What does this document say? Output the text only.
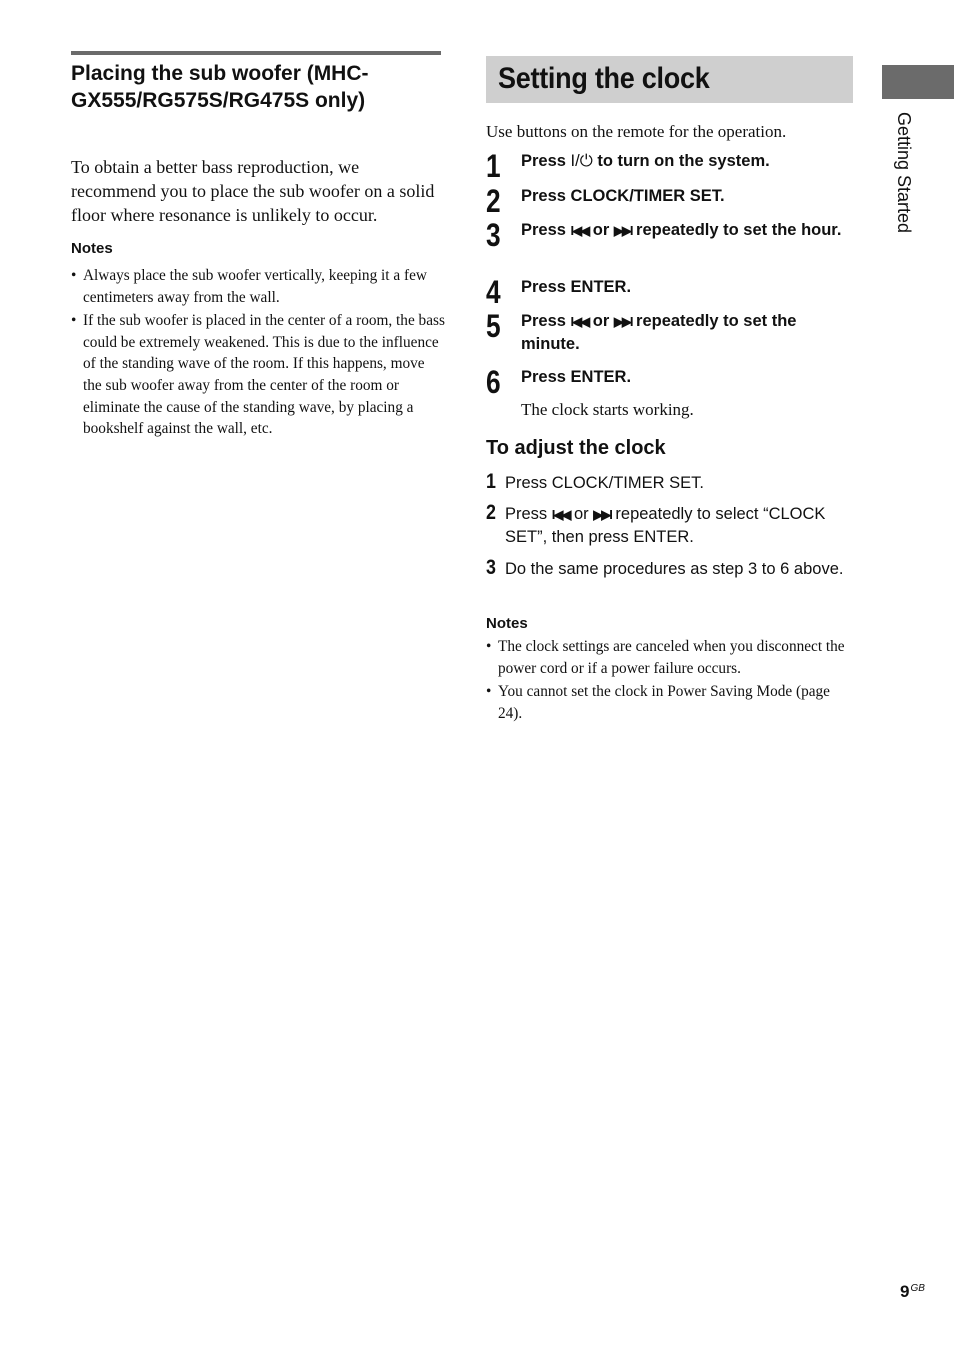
Placing the sub woofer (MHC-GX555/RG575S/RG475S only)
To obtain a better bass reproduction, we recommend you to place the sub woofer on a solid floor where resonance is unlikely to occur.
Notes
• Always place the sub woofer vertically, keeping it a few centimeters away from the wall.
• If the sub woofer is placed in the center of a room, the bass could be extremely weakened. This is due to the influence of the standing wave of the room. If this happens, move the sub woofer away from the center of the room or eliminate the cause of the standing wave, by placing a bookshelf against the wall, etc.
Setting the clock
Use buttons on the remote for the operation.
1 Press I/⏻ to turn on the system.
2 Press CLOCK/TIMER SET.
3 Press I◀◀ or ▶▶I repeatedly to set the hour.
4 Press ENTER.
5 Press I◀◀ or ▶▶I repeatedly to set the minute.
6 Press ENTER.
The clock starts working.
To adjust the clock
1 Press CLOCK/TIMER SET.
2 Press I◀◀ or ▶▶I repeatedly to select “CLOCK SET”, then press ENTER.
3 Do the same procedures as step 3 to 6 above.
Notes
• The clock settings are canceled when you disconnect the power cord or if a power failure occurs.
• You cannot set the clock in Power Saving Mode (page 24).
Getting Started
$9^{GB}$
